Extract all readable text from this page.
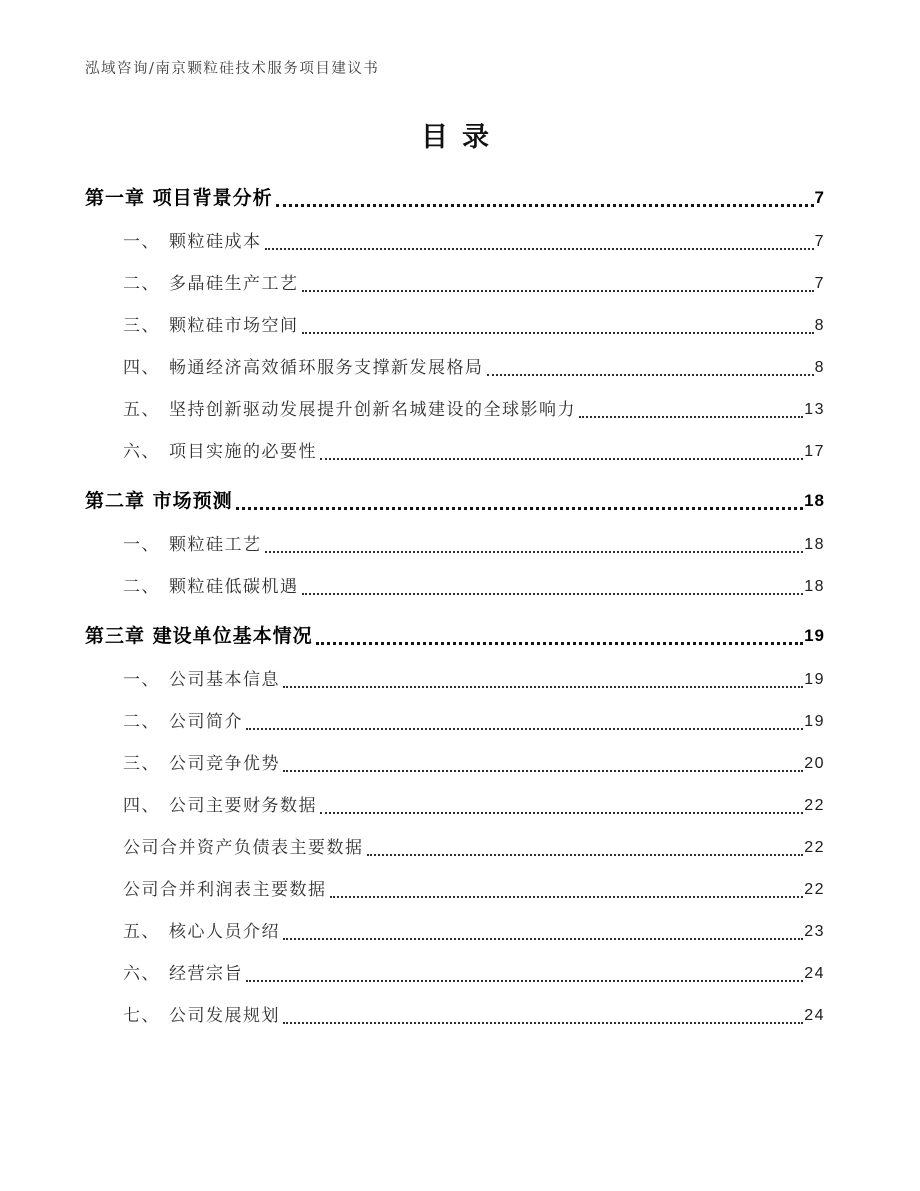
泓域咨询/南京颗粒硅技术服务项目建议书
目录
第一章 项目背景分析	7
一、 颗粒硅成本	7
二、 多晶硅生产工艺	7
三、 颗粒硅市场空间	8
四、 畅通经济高效循环服务支撑新发展格局	8
五、 坚持创新驱动发展提升创新名城建设的全球影响力	13
六、 项目实施的必要性	17
第二章 市场预测	18
一、 颗粒硅工艺	18
二、 颗粒硅低碳机遇	18
第三章 建设单位基本情况	19
一、 公司基本信息	19
二、 公司简介	19
三、 公司竞争优势	20
四、 公司主要财务数据	22
公司合并资产负债表主要数据	22
公司合并利润表主要数据	22
五、 核心人员介绍	23
六、 经营宗旨	24
七、 公司发展规划	24
